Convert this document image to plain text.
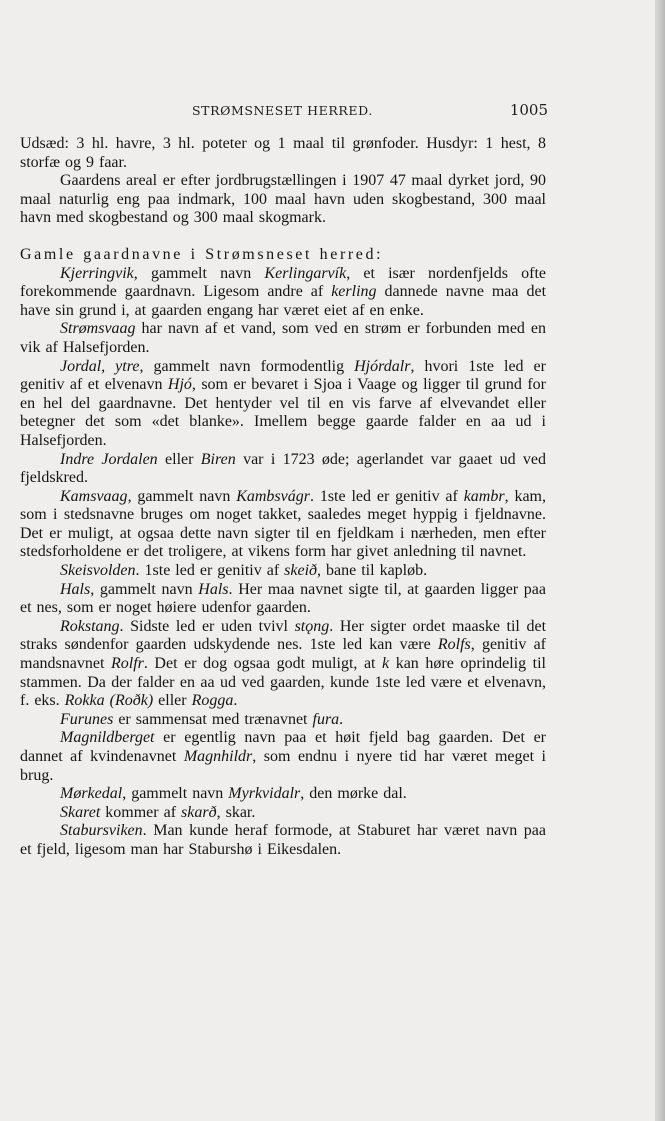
STRØMSNESET HERRED.	1005

Udsæd: 3 hl. havre, 3 hl. poteter og 1 maal til grønfoder. Husdyr: 1 hest, 8 storfæ og 9 faar.

Gaardens areal er efter jordbrugstællingen i 1907 47 maal dyrket jord, 90 maal naturlig eng paa indmark, 100 maal havn uden skogbestand, 300 maal havn med skogbestand og 300 maal skogmark.

Gamle gaardnavne i Strømsneset herred:

Kjerringvik, gammelt navn Kerlingarvík, et især nordenfjelds ofte forekommende gaardnavn. Ligesom andre af kerling dannede navne maa det have sin grund i, at gaarden engang har været eiet af en enke.

Strømsvaag har navn af et vand, som ved en strøm er forbunden med en vik af Halsefjorden.

Jordal, ytre, gammelt navn formodentlig Hjórdalr, hvori 1ste led er genitiv af et elvenavn Hjó, som er bevaret i Sjoa i Vaage og ligger til grund for en hel del gaardnavne. Det hentyder vel til en vis farve af elvevandet eller betegner det som «det blanke». Imellem begge gaarde falder en aa ud i Halsefjorden.

Indre Jordalen eller Biren var i 1723 øde; agerlandet var gaaet ud ved fjeldskred.

Kamsvaag, gammelt navn Kambsvágr. 1ste led er genitiv af kambr, kam, som i stedsnavne bruges om noget takket, saaledes meget hyppig i fjeldnavne. Det er muligt, at ogsaa dette navn sigter til en fjeldkam i nærheden, men efter stedsforholdene er det troligere, at vikens form har givet anledning til navnet.

Skeisvolden. 1ste led er genitiv af skeið, bane til kapløb.

Hals, gammelt navn Hals. Her maa navnet sigte til, at gaarden ligger paa et nes, som er noget høiere udenfor gaarden.

Rokstang. Sidste led er uden tvivl stǫng. Her sigter ordet maaske til det straks søndenfor gaarden udskydende nes. 1ste led kan være Rolfs, genitiv af mandsnavnet Rolfr. Det er dog ogsaa godt muligt, at k kan høre oprindelig til stammen. Da der falder en aa ud ved gaarden, kunde 1ste led være et elvenavn, f. eks. Rokka (Roðk) eller Rogga.

Furunes er sammensat med trænavnet fura.

Magnildberget er egentlig navn paa et høit fjeld bag gaarden. Det er dannet af kvindenavnet Magnhildr, som endnu i nyere tid har været meget i brug.

Mørkedal, gammelt navn Myrkvidalr, den mørke dal.

Skaret kommer af skarð, skar.

Stabursviken. Man kunde heraf formode, at Staburet har været navn paa et fjeld, ligesom man har Staburshø i Eikesdalen.
